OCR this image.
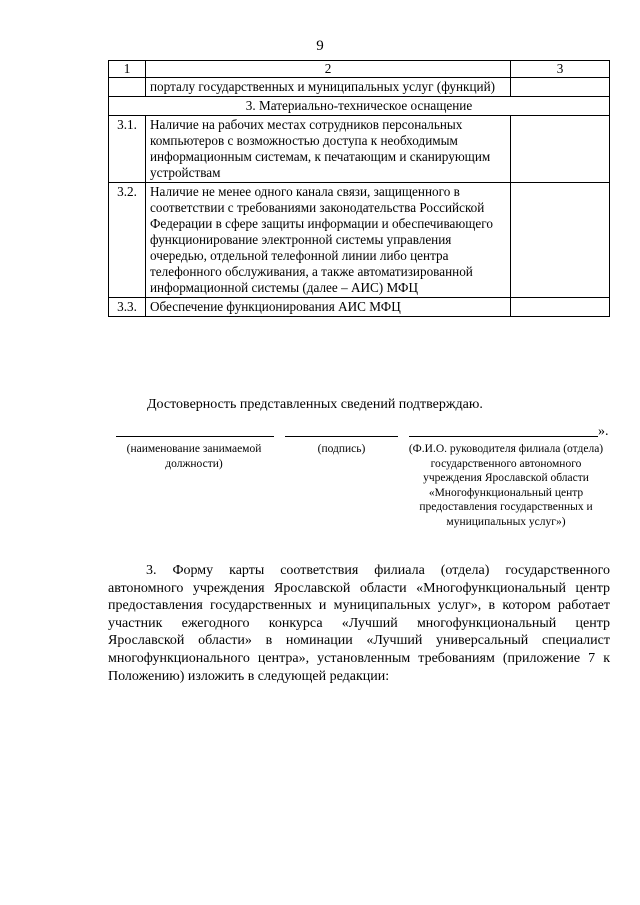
9
1	2	3
	порталу государственных и муниципальных услуг (функций)	
3. Материально-техническое оснащение		
3.1.	Наличие на рабочих местах сотрудников персональных компьютеров с возможностью доступа к необходимым информационным системам, к печатающим и сканирующим устройствам	
3.2.	Наличие не менее одного канала связи, защищенного в соответствии с требованиями законодательства Российской Федерации в сфере защиты информации и обеспечивающего функционирование электронной системы управления очередью, отдельной телефонной линии либо центра телефонного обслуживания, а также автоматизированной информационной системы (далее – АИС) МФЦ	
3.3.	Обеспечение функционирования АИС МФЦ	
Достоверность представленных сведений подтверждаю.
».
(наименование занимаемой должности)
(подпись)	(Ф.И.О. руководителя филиала (отдела) государственного автономного учреждения Ярославской области «Многофункциональный центр предоставления государственных и муниципальных услуг»)

3. Форму карты соответствия филиала (отдела) государственного автономного учреждения Ярославской области «Многофункциональный центр предоставления государственных и муниципальных услуг», в котором работает участник ежегодного конкурса «Лучший многофункциональный центр Ярославской области» в номинации «Лучший универсальный специалист многофункционального центра», установленным требованиям (приложение 7 к Положению) изложить в следующей редакции:
